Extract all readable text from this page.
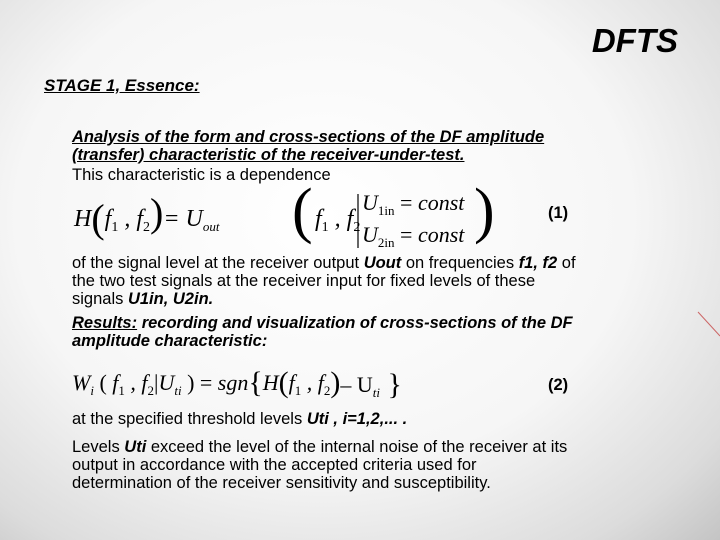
DFTS
STAGE 1, Essence:
Analysis of the form and cross-sections of the DF amplitude
(transfer) characteristic of the receiver-under-test.
This characteristic is a dependence
$H(f_1$ , $f_2)= U_{out}$ ( $f_1$ , $f_2$
$U_{1in}$ = const
$U_{2in}$ = const )	(1)
of the signal level at the receiver output Uout on frequencies f1, f2 of
the two test signals at the receiver input for fixed levels of these
signals U1in, U2in.
Results: recording and visualization of cross-sections of the DF
amplitude characteristic:
$W_i$ ( $f_1$ , $f_2|U_{ti}$ ) = $sgn\{H(f_1$ , $f_2)-$ $U_{ti}$ }	(2)
at the specified threshold levels Uti , i=1,2,... .
Levels Uti exceed the level of the internal noise of the receiver at its
output in accordance with the accepted criteria used for
determination of the receiver sensitivity and susceptibility.
